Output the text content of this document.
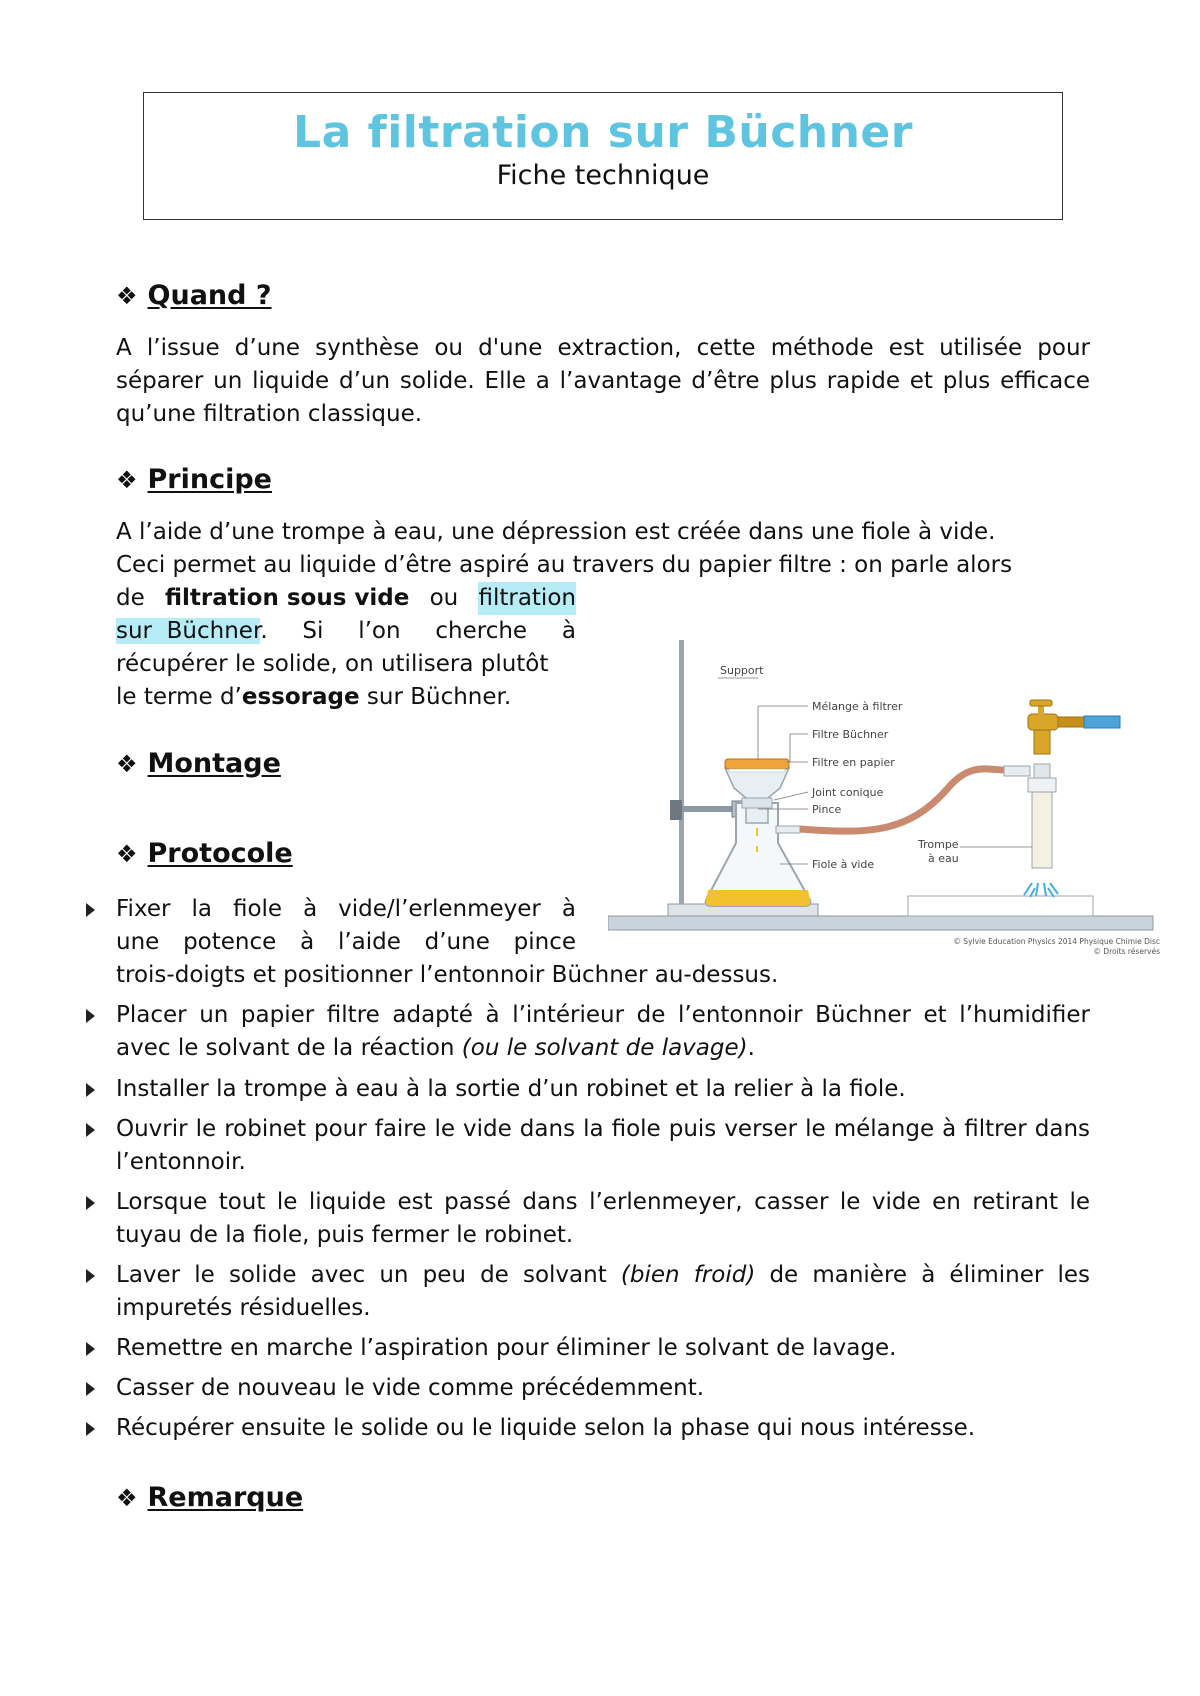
La filtration sur Büchner
Fiche technique
❖ Quand ?
A l’issue d’une synthèse ou d'une extraction, cette méthode est utilisée pour séparer un liquide d’un solide. Elle a l’avantage d’être plus rapide et plus efficace qu’une filtration classique.
❖ Principe
A l’aide d’une trompe à eau, une dépression est créée dans une fiole à vide.
Ceci permet au liquide d’être aspiré au travers du papier filtre : on parle alors
de filtration sous vide ou filtration
sur Büchner. Si l’on cherche à
récupérer le solide, on utilisera plutôt
le terme d’essorage sur Büchner.
❖ Montage
❖ Protocole
Support
Mélange à filtrer
Filtre Büchner
Filtre en papier
Joint conique
Pince
Fiole à vide
Trompe
à eau
© Sylvie Education Physics 2014 Physique Chimie Disc
© Droits réservés
Fixer la fiole à vide/l’erlenmeyer à
une potence à l’aide d’une pince
trois-doigts et positionner l’entonnoir Büchner au-dessus.
Placer un papier filtre adapté à l’intérieur de l’entonnoir Büchner et l’humidifier avec le solvant de la réaction (ou le solvant de lavage).
Installer la trompe à eau à la sortie d’un robinet et la relier à la fiole.
Ouvrir le robinet pour faire le vide dans la fiole puis verser le mélange à filtrer dans l’entonnoir.
Lorsque tout le liquide est passé dans l’erlenmeyer, casser le vide en retirant le tuyau de la fiole, puis fermer le robinet.
Laver le solide avec un peu de solvant (bien froid) de manière à éliminer les impuretés résiduelles.
Remettre en marche l’aspiration pour éliminer le solvant de lavage.
Casser de nouveau le vide comme précédemment.
Récupérer ensuite le solide ou le liquide selon la phase qui nous intéresse.
❖ Remarque
